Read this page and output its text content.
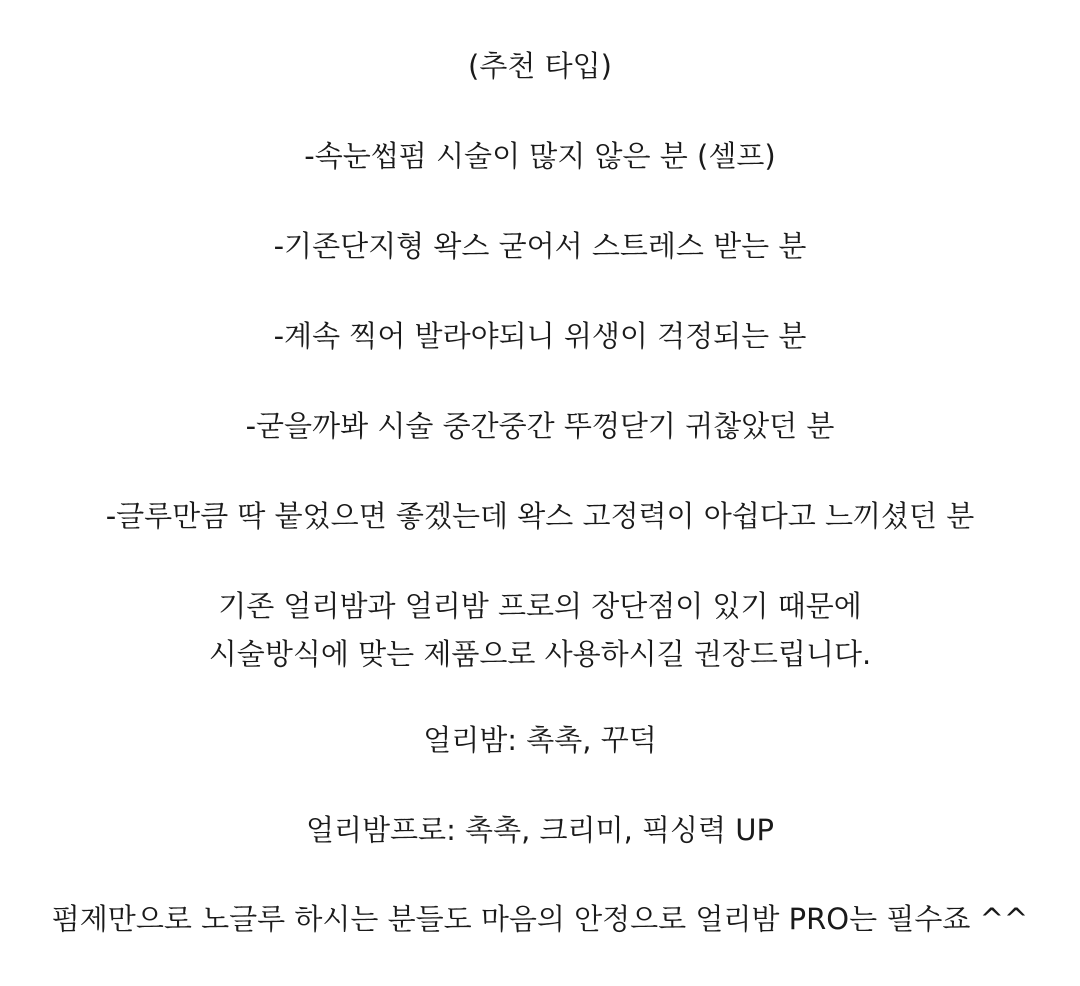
(추천 타입)
-속눈썹펌 시술이 많지 않은 분 (셀프)
-기존단지형 왁스 굳어서 스트레스 받는 분
-계속 찍어 발라야되니 위생이 걱정되는 분
-굳을까봐 시술 중간중간 뚜껑닫기 귀찮았던 분
-글루만큼 딱 붙었으면 좋겠는데 왁스 고정력이 아쉽다고 느끼셨던 분
기존 얼리밤과 얼리밤 프로의 장단점이 있기 때문에
시술방식에 맞는 제품으로 사용하시길 권장드립니다.
얼리밤: 촉촉, 꾸덕
얼리밤프로: 촉촉, 크리미, 픽싱력 UP
펌제만으로 노글루 하시는 분들도 마음의 안정으로 얼리밤 PRO는 필수죠 ^^
